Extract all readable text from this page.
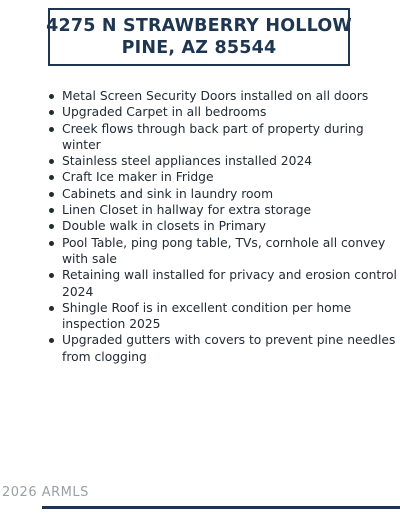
4275 N STRAWBERRY HOLLOW
PINE, AZ 85544
Metal Screen Security Doors installed on all doors
Upgraded Carpet in all bedrooms
Creek flows through back part of property during winter
Stainless steel appliances installed 2024
Craft Ice maker in Fridge
Cabinets and sink in laundry room
Linen Closet in hallway for extra storage
Double walk in closets in Primary
Pool Table, ping pong table, TVs, cornhole all convey with sale
Retaining wall installed for privacy and erosion control 2024
Shingle Roof is in excellent condition per home inspection 2025
Upgraded gutters with covers to prevent pine needles from clogging
2026 ARMLS
